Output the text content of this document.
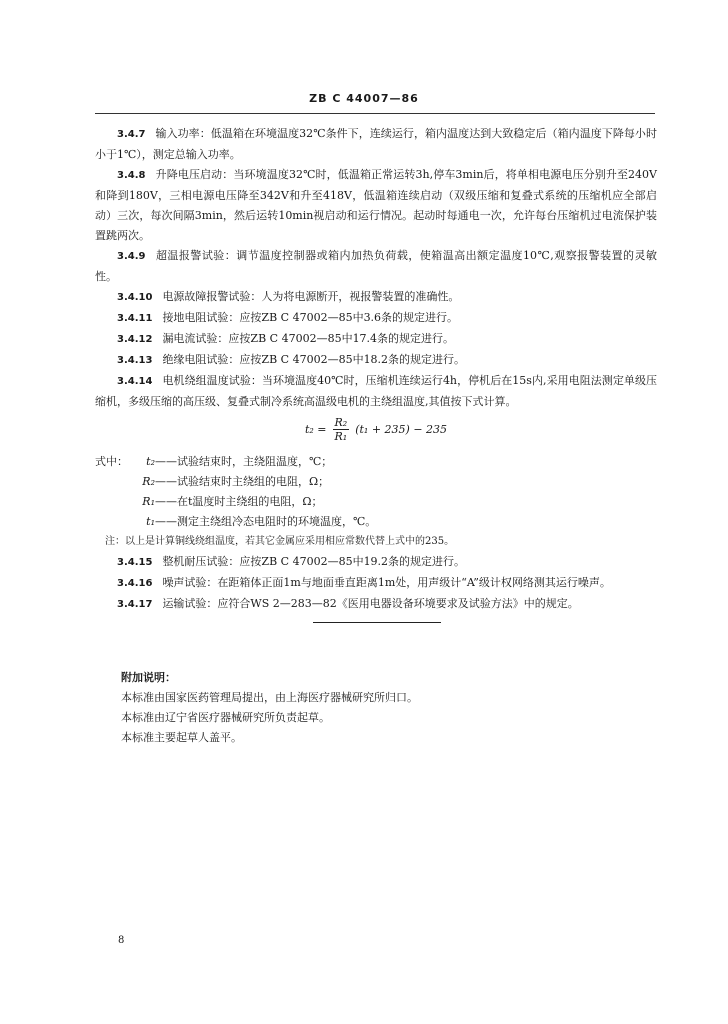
ZB C 44007—86

3.4.7 输入功率：低温箱在环境温度32℃条件下，连续运行，箱内温度达到大致稳定后（箱内温度下降每小时小于1℃），测定总输入功率。

3.4.8 升降电压启动：当环境温度32℃时，低温箱正常运转3h,停车3min后，将单相电源电压分别升至240V和降到180V，三相电源电压降至342V和升至418V，低温箱连续启动（双级压缩和复叠式系统的压缩机应全部启动）三次，每次间隔3min，然后运转10min视启动和运行情况。起动时每通电一次，允许每台压缩机过电流保护装置跳两次。

3.4.9 超温报警试验：调节温度控制器或箱内加热负荷载，使箱温高出额定温度10℃,观察报警装置的灵敏性。

3.4.10 电源故障报警试验：人为将电源断开，视报警装置的准确性。

3.4.11 接地电阻试验：应按ZB C 47002—85中3.6条的规定进行。

3.4.12 漏电流试验：应按ZB C 47002—85中17.4条的规定进行。

3.4.13 绝缘电阻试验：应按ZB C 47002—85中18.2条的规定进行。

3.4.14 电机绕组温度试验：当环境温度40℃时，压缩机连续运行4h，停机后在15s内,采用电阻法测定单级压缩机，多级压缩的高压级、复叠式制冷系统高温级电机的主绕组温度,其值按下式计算。

$t_2 = \frac{\text{R₂}}{\text{R₁}} (t_1 + 235) - 235$
式中：	t₂ ——试验结束时，主绕阻温度，℃；
R₂ ——试验结束时主绕组的电阻，Ω；
R₁ ——在t温度时主绕组的电阻，Ω；
t₁ ——测定主绕组冷态电阻时的环境温度，℃。

注：以上是计算铜线绕组温度，若其它金属应采用相应常数代替上式中的235。

3.4.15 整机耐压试验：应按ZB C 47002—85中19.2条的规定进行。

3.4.16 噪声试验：在距箱体正面1m与地面垂直距离1m处，用声级计“A”级计权网络测其运行噪声。

3.4.17 运输试验：应符合WS 2—283—82《医用电器设备环境要求及试验方法》中的规定。

附加说明：
本标准由国家医药管理局提出，由上海医疗器械研究所归口。
本标准由辽宁省医疗器械研究所负责起草。
本标准主要起草人盖平。
8
